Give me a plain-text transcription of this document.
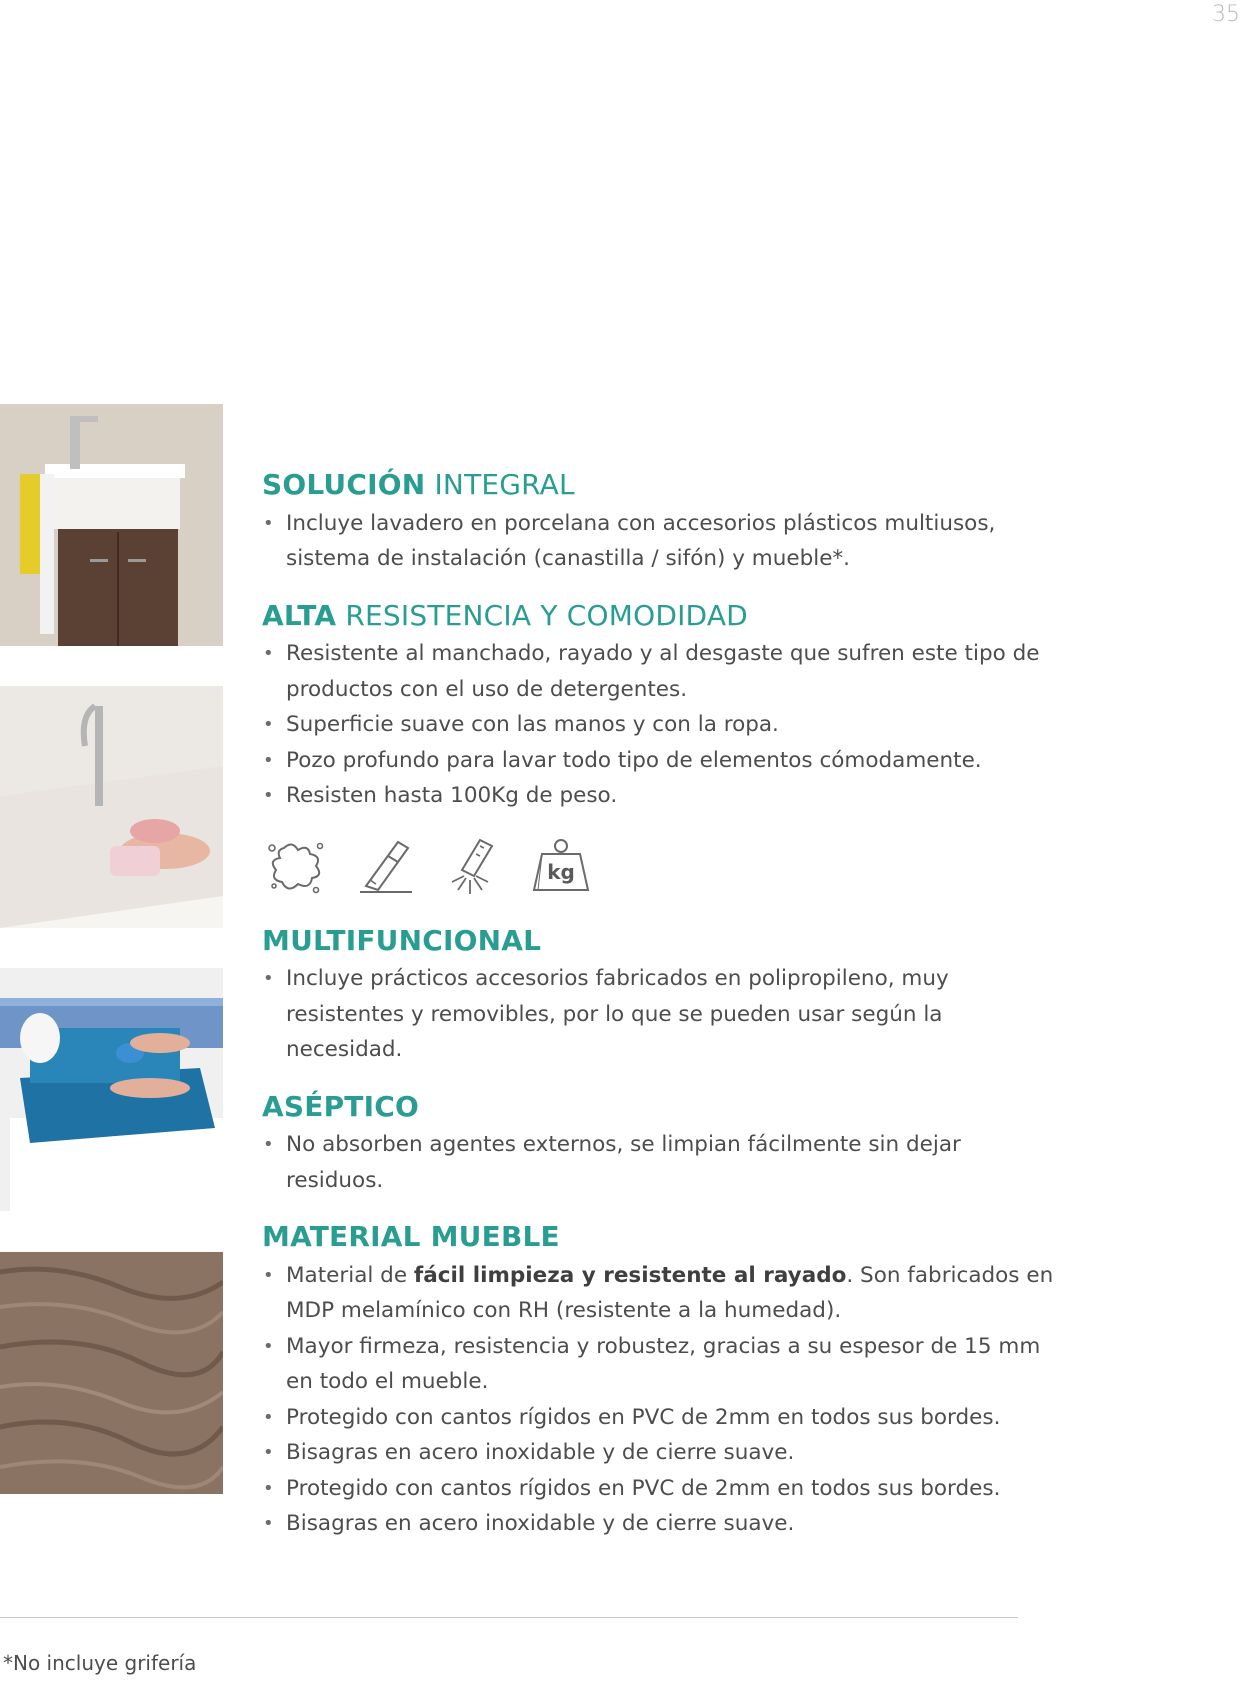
35
SOLUCIÓN INTEGRAL
• Incluye lavadero en porcelana con accesorios plásticos multiusos, sistema de instalación (canastilla / sifón) y mueble*.
ALTA RESISTENCIA Y COMODIDAD
• Resistente al manchado, rayado y al desgaste que sufren este tipo de productos con el uso de detergentes.
• Superficie suave con las manos y con la ropa.
• Pozo profundo para lavar todo tipo de elementos cómodamente.
• Resisten hasta 100Kg de peso.
kg
MULTIFUNCIONAL
• Incluye prácticos accesorios fabricados en polipropileno, muy resistentes y removibles, por lo que se pueden usar según la necesidad.
ASÉPTICO
• No absorben agentes externos, se limpian fácilmente sin dejar residuos.
MATERIAL MUEBLE
• Material de fácil limpieza y resistente al rayado. Son fabricados en MDP melamínico con RH (resistente a la humedad).
• Mayor firmeza, resistencia y robustez, gracias a su espesor de 15 mm en todo el mueble.
• Protegido con cantos rígidos en PVC de 2mm en todos sus bordes.
• Bisagras en acero inoxidable y de cierre suave.
• Protegido con cantos rígidos en PVC de 2mm en todos sus bordes.
• Bisagras en acero inoxidable y de cierre suave.
*No incluye grifería
